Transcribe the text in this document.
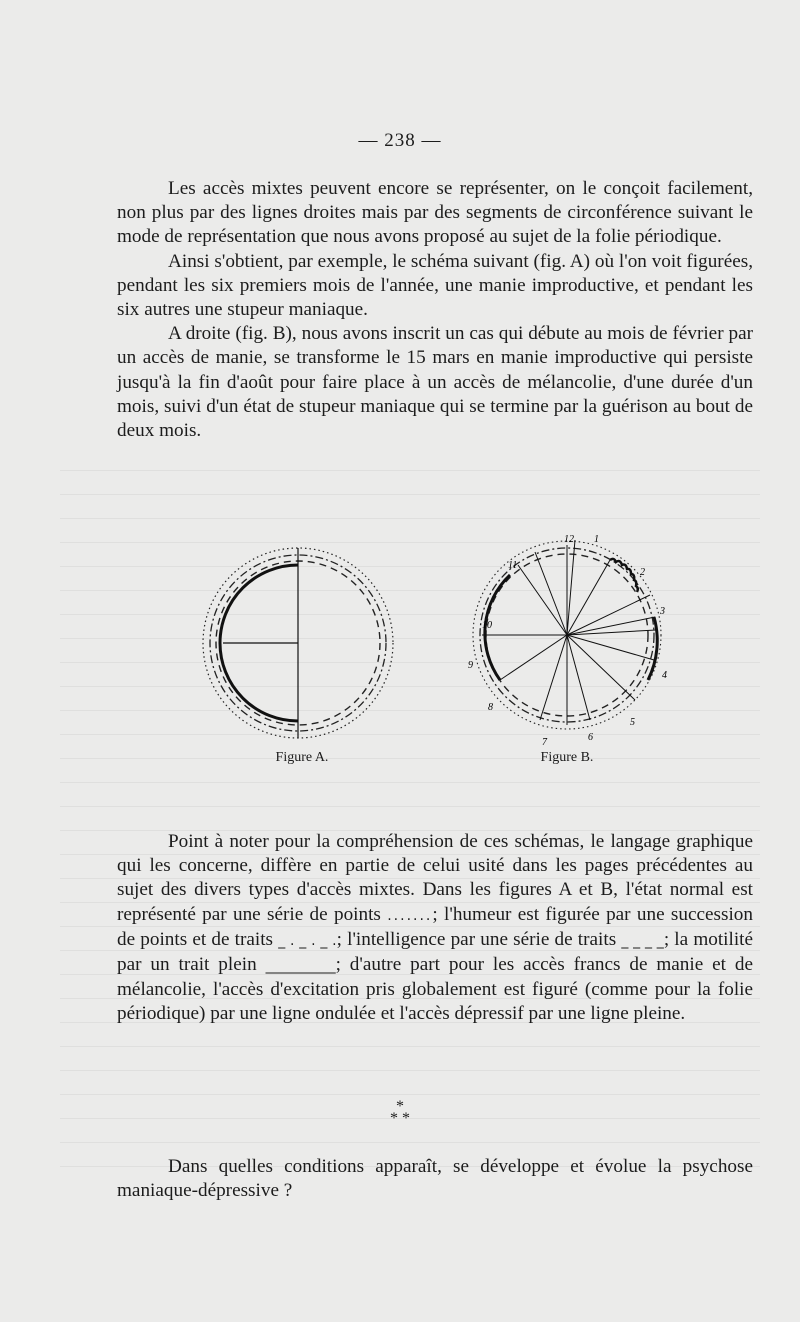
— 238 —

Les accès mixtes peuvent encore se représenter, on le conçoit facilement, non plus par des lignes droites mais par des segments de circonférence suivant le mode de représentation que nous avons proposé au sujet de la folie périodique.

Ainsi s'obtient, par exemple, le schéma suivant (fig. A) où l'on voit figurées, pendant les six premiers mois de l'année, une manie improductive, et pendant les six autres une stupeur maniaque.

A droite (fig. B), nous avons inscrit un cas qui débute au mois de février par un accès de manie, se transforme le 15 mars en manie improductive qui persiste jusqu'à la fin d'août pour faire place à un accès de mélancolie, d'une durée d'un mois, suivi d'un état de stupeur maniaque qui se termine par la guérison au bout de deux mois.

Figure A.
12 1
2
3
4
5
6
7
8
9
10
11
Figure B.

Point à noter pour la compréhension de ces schémas, le langage graphique qui les concerne, diffère en partie de celui usité dans les pages précédentes au sujet des divers types d'accès mixtes. Dans les figures A et B, l'état normal est représenté par une série de points .......; l'humeur est figurée par une succession de points et de traits _ . _ . _ .; l'intelligence par une série de traits _ _ _ _; la motilité par un trait plein __________; d'autre part pour les accès francs de manie et de mélancolie, l'accès d'excitation pris globalement est figuré (comme pour la folie périodique) par une ligne ondulée et l'accès dépressif par une ligne pleine.

*
* *

Dans quelles conditions apparaît, se développe et évolue la psychose maniaque-dépressive ?
